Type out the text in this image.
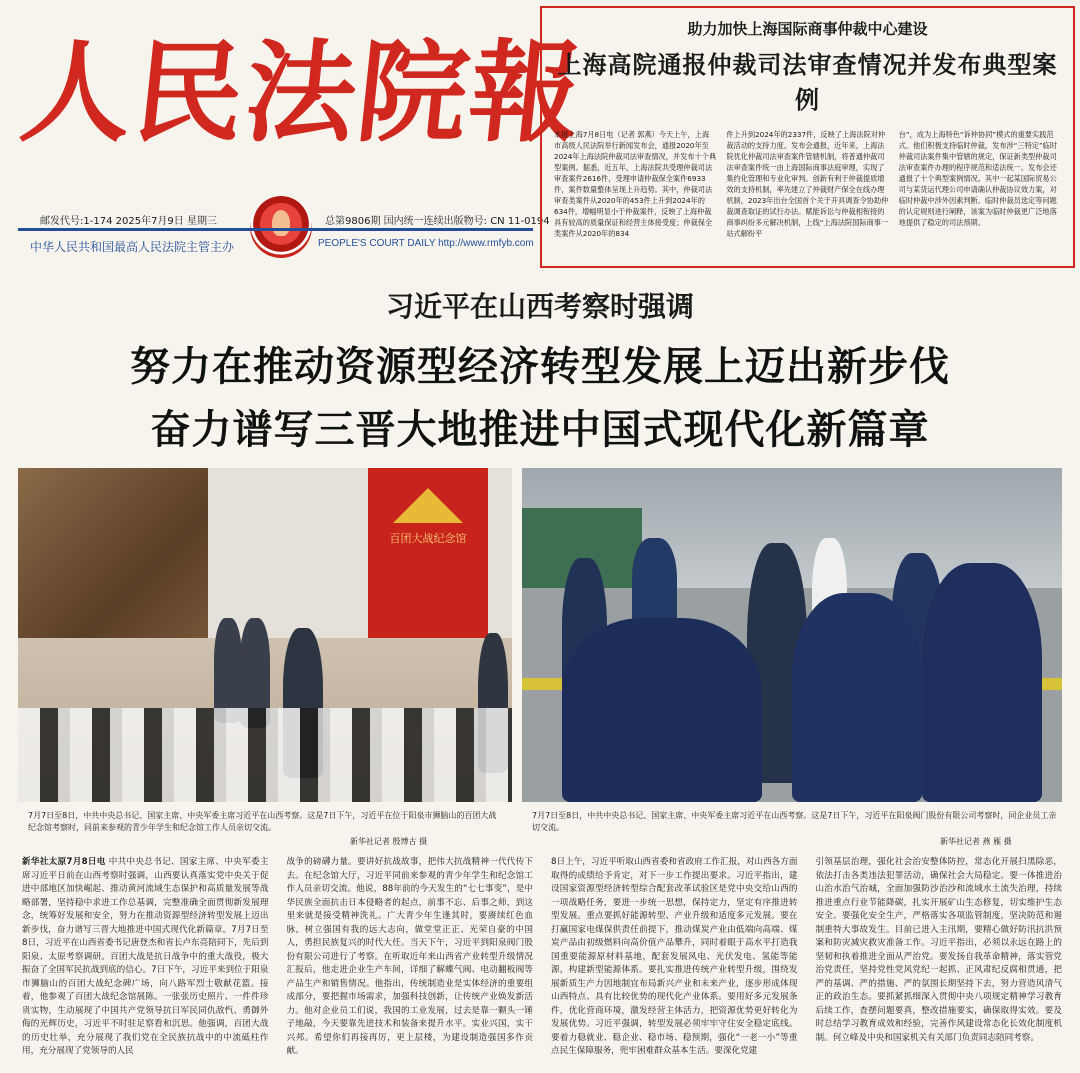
人民法院報
邮发代号:1-174 2025年7月9日 星期三	总第9806期 国内统一连续出版物号: CN 11-0194
中华人民共和国最高人民法院主管主办	PEOPLE'S COURT DAILY http://www.rmfyb.com
助力加快上海国际商事仲裁中心建设
上海高院通报仲裁司法审查情况并发布典型案例
本报上海7月8日电（记者 郭燕）今天上午，上海市高级人民法院举行新闻发布会，通报2020年至2024年上海法院仲裁司法审查情况，并发布十个典型案例。据悉，近五年，上海法院共受理仲裁司法审查案件2616件，受理申请仲裁保全案件6933件，案件数量整体呈现上升趋势。其中，仲裁司法审查类案件从2020年的453件上升到2024年的634件，增幅明显小于仲裁案件，反映了上海仲裁具有较高的质量保证和经营主体接受度；仲裁保全类案件从2020年的834
件上升到2024年的2337件，反映了上海法院对仲裁活动的支持力度。发布会通报，近年来，上海法院优化仲裁司法审查案件管辖机制，将普通仲裁司法审查案件统一由上海国际商事法庭审理，实现了集约化管理和专业化审判。创新有利于仲裁提质增效的支持机制，率先建立了仲裁财产保全在线办理机制，2023年出台全国首个关于开具调查令协助仲裁调查取证的试行办法。赋能诉讼与仲裁相衔接的商事纠纷多元解决机制，上线“上海法院国际商事一站式解纷平
台”，成为上海特色“诉仲协同”模式的重要实践范式。他们积极支持临时仲裁，发布涉“三特定”临时仲裁司法案件集中管辖的规定，保证新类型仲裁司法审查案件办理的程序规范和适法统一。发布会还通报了十个典型案例情况。其中一起某国际贸易公司与某货运代理公司申请确认仲裁协议效力案，对临时仲裁中涉外因素判断、临时仲裁员选定等问题的认定规则进行阐释，该案为临时仲裁更广泛地落地提供了稳定的司法预期。
习近平在山西考察时强调
努力在推动资源型经济转型发展上迈出新步伐
奋力谱写三晋大地推进中国式现代化新篇章
百团大战纪念馆
7月7日至8日，中共中央总书记、国家主席、中央军委主席习近平在山西考察。这是7日下午，习近平在位于阳泉市狮脑山的百团大战纪念馆考察时，同前来参观的青少年学生和纪念馆工作人员亲切交流。
新华社记者 殷博古 摄
7月7日至8日，中共中央总书记、国家主席、中央军委主席习近平在山西考察。这是7日下午，习近平在阳泉阀门股份有限公司考察时，同企业员工亲切交流。
新华社记者 燕 雁 摄
新华社太原7月8日电 中共中央总书记、国家主席、中央军委主席习近平日前在山西考察时强调，山西要认真落实党中央关于促进中部地区加快崛起、推动黄河流域生态保护和高质量发展等战略部署，坚持稳中求进工作总基调，完整准确全面贯彻新发展理念，统筹好发展和安全，努力在推动资源型经济转型发展上迈出新步伐，奋力谱写三晋大地推进中国式现代化新篇章。7月7日至8日，习近平在山西省委书记唐登杰和省长卢东亮陪同下，先后到阳泉、太原考察调研。百团大战是抗日战争中的重大战役，极大振奋了全国军民抗战到底的信心。7日下午，习近平来到位于阳泉市狮脑山的百团大战纪念碑广场，向八路军烈士敬献花篮。接着，他参观了百团大战纪念馆展陈。一张张历史照片、一件件珍贵实物，生动展现了中国共产党领导抗日军民同仇敌忾、勇御外侮的光辉历史，习近平不时驻足察看和沉思。他强调，百团大战的历史壮举，充分展现了我们党在全民族抗战中的中流砥柱作用，充分展现了党领导的人民
战争的磅礴力量。要讲好抗战故事，把伟大抗战精神一代代传下去。在纪念馆大厅，习近平同前来参观的青少年学生和纪念馆工作人员亲切交流。他说，88年前的今天发生的“七七事变”，是中华民族全面抗击日本侵略者的起点，前事不忘、后事之师，到这里来就是接受精神洗礼。广大青少年生逢其时，要赓续红色血脉，树立强国有我的远大志向，做堂堂正正、光荣自豪的中国人，勇担民族复兴的时代大任。当天下午，习近平到阳泉阀门股份有限公司进行了考察。在听取近年来山西省产业转型升级情况汇报后，他走进企业生产车间，详细了解蝶气阀、电动翻板阀等产品生产和销售情况。他指出，传统制造业是实体经济的重要组成部分，要把握市场需求，加强科技创新，让传统产业焕发新活力。他对企业员工们说，我国的工业发展，过去是靠一颗头一锤子地敲，今天要靠先进技术和装备来提升水平。实业兴国，实干兴邦。希望你们再接再厉，更上层楼，为建设制造强国多作贡献。
8日上午，习近平听取山西省委和省政府工作汇报，对山西各方面取得的成绩给予肯定，对下一步工作提出要求。习近平指出，建设国家资源型经济转型综合配套改革试验区是党中央交给山西的一项战略任务，要进一步统一思想，保持定力，坚定有序推进转型发展。重点要抓好能源转型、产业升级和适度多元发展。要在打赢国家电煤保供责任前提下，推动煤炭产业由低端向高端、煤炭产品由初级燃料向高价值产品攀升，同时着眼于高水平打造我国重要能源原材料基地，配套发展风电、光伏发电、氢能等能源，构建新型能源体系。要扎实推进传统产业转型升级，围绕发展新质生产力因地制宜布局新兴产业和未来产业，逐步形成体现山西特点、具有比较优势的现代化产业体系。要用好多元发展条件，优化营商环境，激发经营主体活力，把资源优势更好转化为发展优势。习近平强调，转型发展必须牢牢守住安全稳定底线。要着力稳就业、稳企业、稳市场、稳预期，强化“一老一小”等重点民生保障服务，兜牢困难群众基本生活。要深化党建
引领基层治理，强化社会治安整体防控，常态化开展扫黑除恶，依法打击各类违法犯罪活动，确保社会大局稳定。要一体推进治山治水治气治城，全面加强防沙治沙和流域水土流失治理，持续推进重点行业节能降碳，扎实开展矿山生态修复，切实维护生态安全。要强化安全生产，严格落实各项监管制度，坚决防范和遏制重特大事故发生。目前已进入主汛期，要精心做好防汛抗洪预案和防灾减灾救灾准备工作。习近平指出，必须以永远在路上的坚韧和执着推进全面从严治党。要发扬自我革命精神，落实管党治党责任，坚持党性党风党纪一起抓、正风肃纪反腐相贯通，把严的基调、严的措施、严的氛围长期坚持下去，努力营造风清气正的政治生态。要抓紧抓细深入贯彻中央八项规定精神学习教育后续工作，查摆问题要真，整改措施要实，确保取得实效。要及时总结学习教育成效和经验，完善作风建设常态化长效化制度机制。何立峰及中央和国家机关有关部门负责同志陪同考察。
